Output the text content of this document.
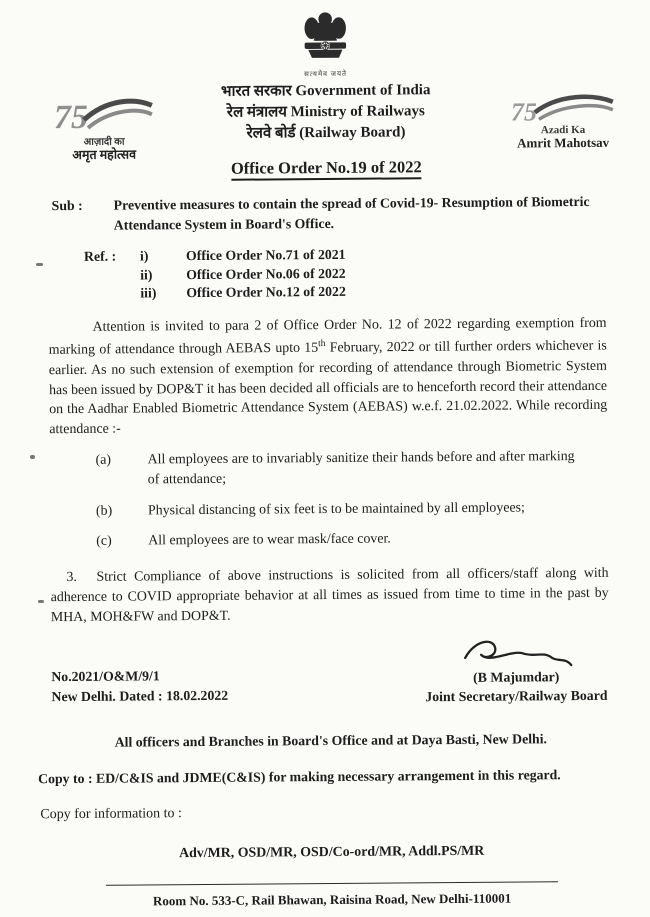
सत्यमेव जयते
भारत सरकार Government of India
रेल मंत्रालय Ministry of Railways
रेलवे बोर्ड (Railway Board)
75
आज़ादी का
अमृत महोत्सव
75
Azadi Ka
Amrit Mahotsav
Office Order No.19 of 2022
Sub :	Preventive measures to contain the spread of Covid-19- Resumption of Biometric Attendance System in Board's Office.
Ref. :	i)	Office Order No.71 of 2021
ii)	Office Order No.06 of 2022
iii)	Office Order No.12 of 2022

Attention is invited to para 2 of Office Order No. 12 of 2022 regarding exemption from marking of attendance through AEBAS upto 15th February, 2022 or till further orders whichever is earlier. As no such extension of exemption for recording of attendance through Biometric System has been issued by DOP&T it has been decided all officials are to henceforth record their attendance on the Aadhar Enabled Biometric Attendance System (AEBAS) w.e.f. 21.02.2022. While recording attendance :-

(a)	All employees are to invariably sanitize their hands before and after marking of attendance;
(b)	Physical distancing of six feet is to be maintained by all employees;
(c)	All employees are to wear mask/face cover.

3. Strict Compliance of above instructions is solicited from all officers/staff along with adherence to COVID appropriate behavior at all times as issued from time to time in the past by MHA, MOH&FW and DOP&T.

No.2021/O&M/9/1
New Delhi. Dated : 18.02.2022
(B Majumdar)
Joint Secretary/Railway Board
All officers and Branches in Board's Office and at Daya Basti, New Delhi.
Copy to : ED/C&IS and JDME(C&IS) for making necessary arrangement in this regard.
Copy for information to :
Adv/MR, OSD/MR, OSD/Co-ord/MR, Addl.PS/MR
Room No. 533-C, Rail Bhawan, Raisina Road, New Delhi-110001
